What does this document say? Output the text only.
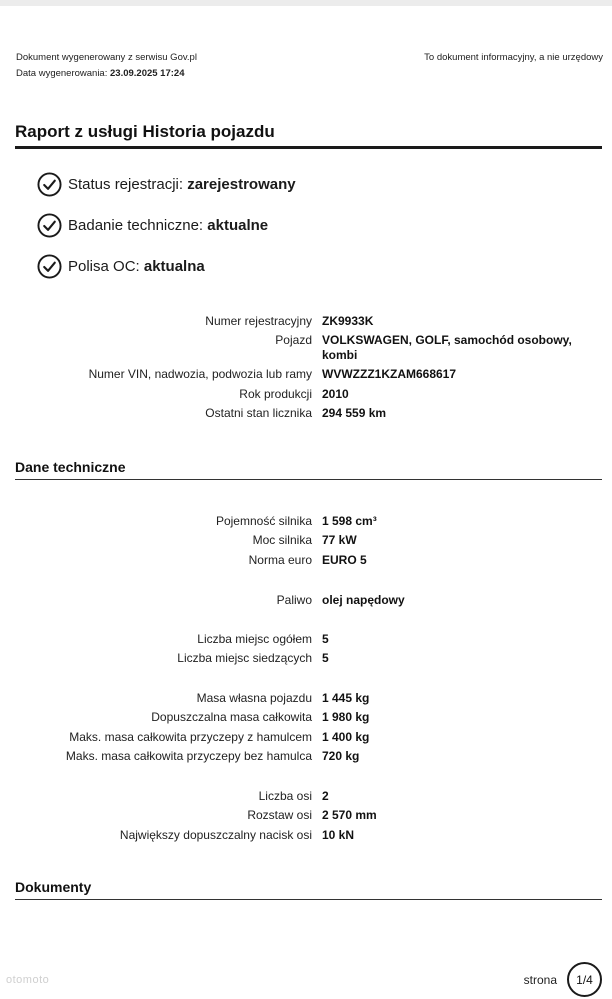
Dokument wygenerowany z serwisu Gov.pl
Data wygenerowania: 23.09.2025 17:24
To dokument informacyjny, a nie urzędowy
Raport z usługi Historia pojazdu
Status rejestracji:
zarejestrowany
Badanie techniczne:
aktualne
Polisa OC:
aktualna
Numer rejestracyjny ZK9933K
Pojazd VOLKSWAGEN, GOLF, samochód osobowy, kombi
Numer VIN, nadwozia, podwozia lub ramy WVWZZZ1KZAM668617
Rok produkcji 2010
Ostatni stan licznika 294 559 km
Dane techniczne
Pojemność silnika 1 598 cm³
Moc silnika 77 kW
Norma euro EURO 5
Paliwo olej napędowy
Liczba miejsc ogółem 5
Liczba miejsc siedzących 5
Masa własna pojazdu 1 445 kg
Dopuszczalna masa całkowita 1 980 kg
Maks. masa całkowita przyczepy z hamulcem 1 400 kg
Maks. masa całkowita przyczepy bez hamulca 720 kg
Liczba osi 2
Rozstaw osi 2 570 mm
Największy dopuszczalny nacisk osi 10 kN
Dokumenty
otomoto	strona	1/4
